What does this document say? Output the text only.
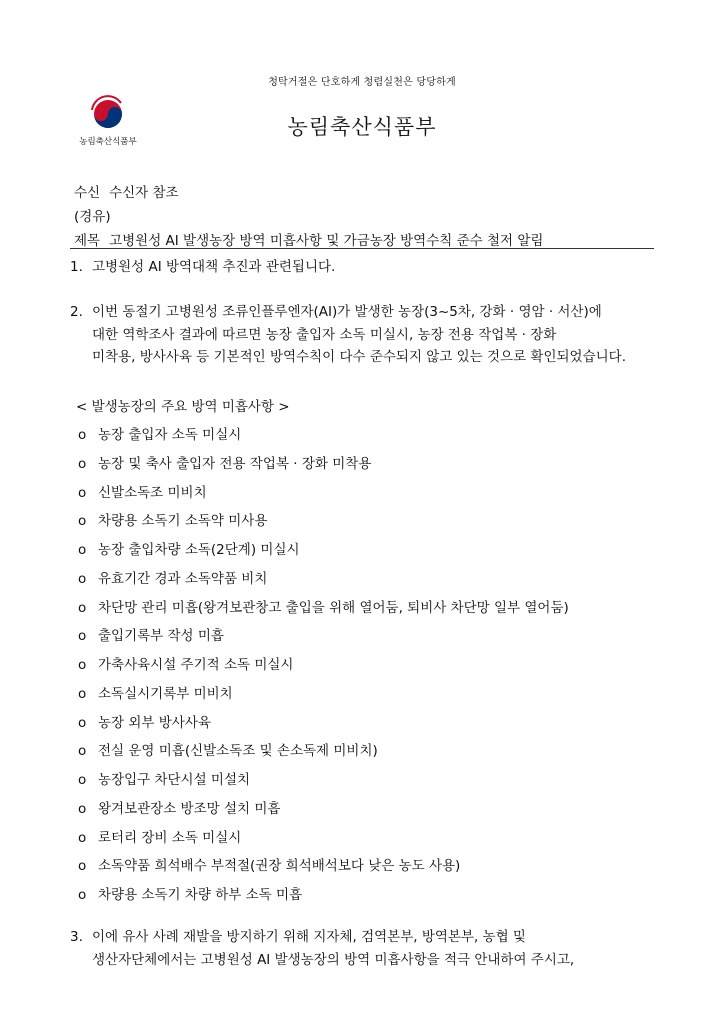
청탁거절은 단호하게 청렴실천은 당당하게
농림축산식품부
농림축산식품부
수신 수신자 참조
(경유)
제목 고병원성 AI 발생농장 방역 미흡사항 및 가금농장 방역수칙 준수 철저 알림
1. 고병원성 AI 방역대책 추진과 관련됩니다.
2. 이번 동절기 고병원성 조류인플루엔자(AI)가 발생한 농장(3~5차, 강화 · 영암 · 서산)에
대한 역학조사 결과에 따르면 농장 출입자 소독 미실시, 농장 전용 작업복 · 장화
미착용, 방사사육 등 기본적인 방역수칙이 다수 준수되지 않고 있는 것으로 확인되었습니다.
< 발생농장의 주요 방역 미흡사항 >
o 농장 출입자 소독 미실시
o 농장 및 축사 출입자 전용 작업복 · 장화 미착용
o 신발소독조 미비치
o 차량용 소독기 소독약 미사용
o 농장 출입차량 소독(2단계) 미실시
o 유효기간 경과 소독약품 비치
o 차단망 관리 미흡(왕겨보관창고 출입을 위해 열어둠, 퇴비사 차단망 일부 열어둠)
o 출입기록부 작성 미흡
o 가축사육시설 주기적 소독 미실시
o 소독실시기록부 미비치
o 농장 외부 방사사육
o 전실 운영 미흡(신발소독조 및 손소독제 미비치)
o 농장입구 차단시설 미설치
o 왕겨보관장소 방조망 설치 미흡
o 로터리 장비 소독 미실시
o 소독약품 희석배수 부적절(권장 희석배석보다 낮은 농도 사용)
o 차량용 소독기 차량 하부 소독 미흡
3. 이에 유사 사례 재발을 방지하기 위해 지자체, 검역본부, 방역본부, 농협 및
생산자단체에서는 고병원성 AI 발생농장의 방역 미흡사항을 적극 안내하여 주시고,
